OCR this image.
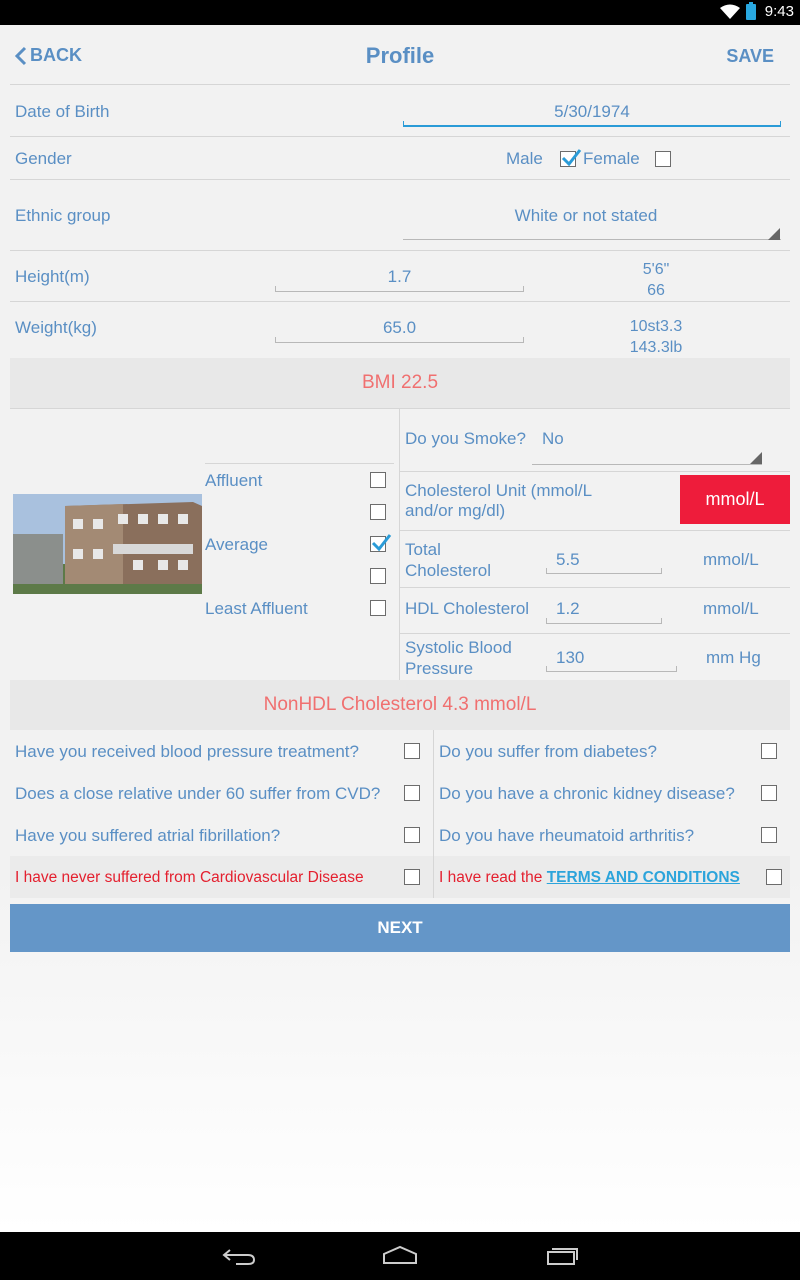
9:43
BACK	Profile	SAVE
Date of Birth	5/30/1974
Gender	Male Female
Ethnic group	White or not stated
Height(m)	1.7	5'6"
66
Weight(kg)	65.0	10st3.3
143.3lb
BMI 22.5
Affluent
Average
Least Affluent
Do you Smoke? No
Cholesterol Unit (mmol/L
and/or mg/dl)
mmol/L
Total
Cholesterol
5.5	mmol/L
HDL Cholesterol 1.2	mmol/L
Systolic Blood
Pressure
130	mm Hg
NonHDL Cholesterol 4.3 mmol/L
Have you received blood pressure treatment?	Do you suffer from diabetes?
Does a close relative under 60 suffer from CVD?	Do you have a chronic kidney disease?
Have you suffered atrial fibrillation?	Do you have rheumatoid arthritis?
I have never suffered from Cardiovascular Disease	I have read the TERMS AND CONDITIONS
NEXT
